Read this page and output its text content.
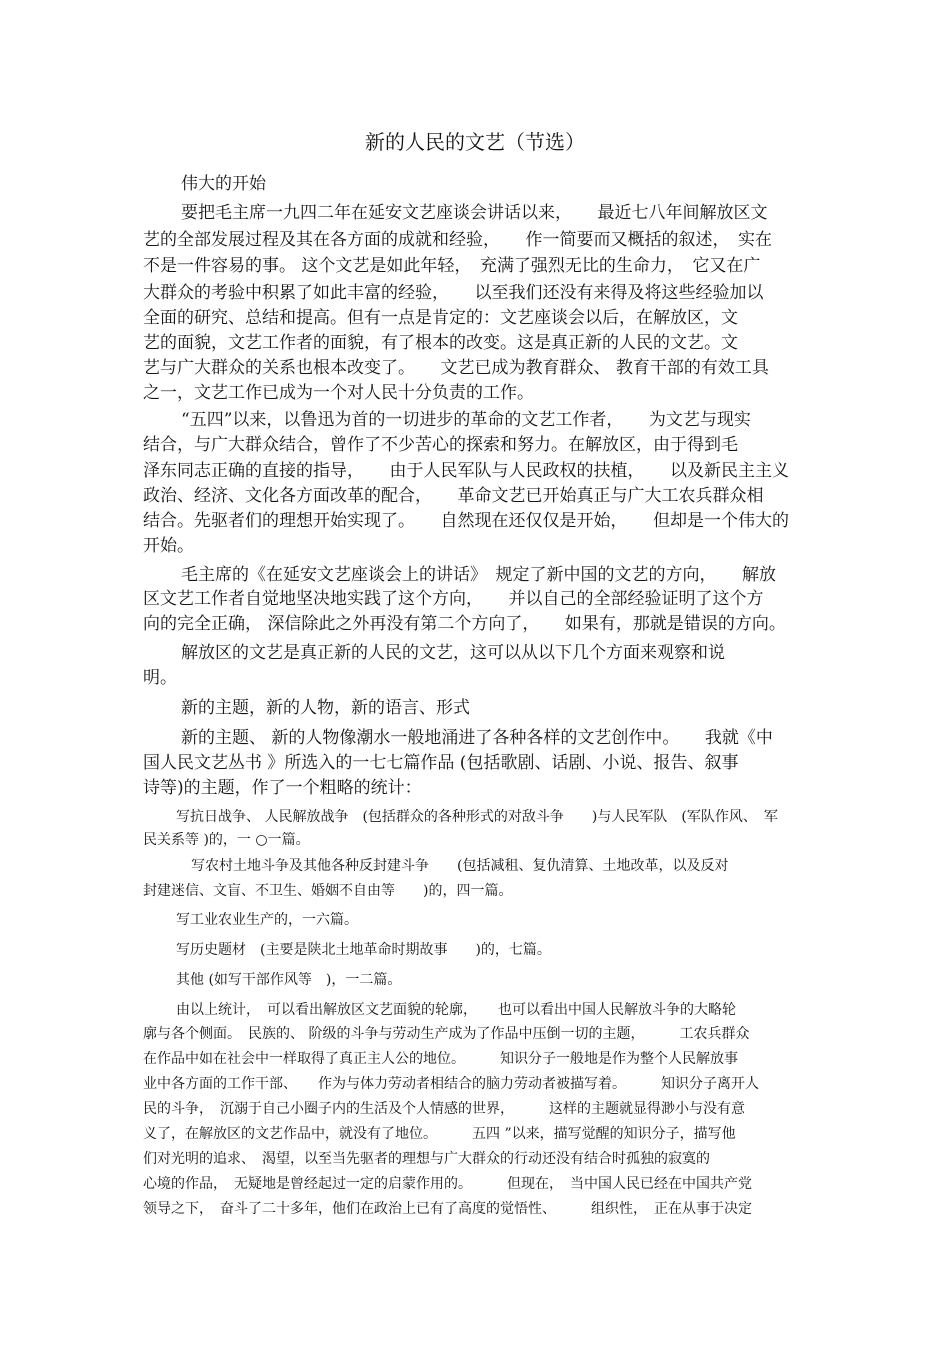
新的人民的文艺（节选）
伟大的开始
要把毛主席一九四二年在延安文艺座谈会讲话以来，　　最近七八年间解放区文
艺的全部发展过程及其在各方面的成就和经验，　　作一简要而又概括的叙述，　实在
不是一件容易的事。 这个文艺是如此年轻，　充满了强烈无比的生命力，　它又在广
大群众的考验中积累了如此丰富的经验，　　以至我们还没有来得及将这些经验加以
全面的研究、总结和提高。但有一点是肯定的：文艺座谈会以后，在解放区，文
艺的面貌，文艺工作者的面貌，有了根本的改变。这是真正新的人民的文艺。文
艺与广大群众的关系也根本改变了。　　文艺已成为教育群众、 教育干部的有效工具
之一，文艺工作已成为一个对人民十分负责的工作。
“五四”以来，以鲁迅为首的一切进步的革命的文艺工作者，　　为文艺与现实
结合，与广大群众结合，曾作了不少苦心的探索和努力。在解放区，由于得到毛
泽东同志正确的直接的指导，　　由于人民军队与人民政权的扶植，　　以及新民主主义
政治、经济、文化各方面改革的配合，　　革命文艺已开始真正与广大工农兵群众相
结合。先驱者们的理想开始实现了。　　自然现在还仅仅是开始，　　但却是一个伟大的
开始。
毛主席的《在延安文艺座谈会上的讲话》　规定了新中国的文艺的方向，　　解放
区文艺工作者自觉地坚决地实践了这个方向，　　并以自己的全部经验证明了这个方
向的完全正确， 深信除此之外再没有第二个方向了，　　如果有，那就是错误的方向。
解放区的文艺是真正新的人民的文艺，这可以从以下几个方面来观察和说
明。
新的主题，新的人物，新的语言、形式
新的主题、 新的人物像潮水一般地涌进了各种各样的文艺创作中。　　我就《中
国人民文艺丛书 》所选入的一七七篇作品 (包括歌剧、话剧、小说、报告、叙事
诗等)的主题，作了一个粗略的统计：
写抗日战争、 人民解放战争　(包括群众的各种形式的对敌斗争　　)与人民军队　(军队作风、　军
民关系等 )的，一 ○一篇。
写农村土地斗争及其他各种反封建斗争　　(包括减租、复仇清算、土地改革，以及反对
封建迷信、文盲、不卫生、婚姻不自由等　　)的，四一篇。
写工业农业生产的，一六篇。
写历史题材　(主要是陕北土地革命时期故事　　)的，七篇。
其他 (如写干部作风等　)，一二篇。
由以上统计，　可以看出解放区文艺面貌的轮廓，　　也可以看出中国人民解放斗争的大略轮
廓与各个侧面。　民族的、 阶级的斗争与劳动生产成为了作品中压倒一切的主题，　　　工农兵群众
在作品中如在社会中一样取得了真正主人公的地位。　　　知识分子一般地是作为整个人民解放事
业中各方面的工作干部、　　作为与体力劳动者相结合的脑力劳动者被描写着。　　　知识分子离开人
民的斗争，　沉溺于自己小圈子内的生活及个人情感的世界，　　　这样的主题就显得渺小与没有意
义了，在解放区的文艺作品中，就没有了地位。　　　五四 ”以来，描写觉醒的知识分子，描写他
们对光明的追求、　渴望，以至当先驱者的理想与广大群众的行动还没有结合时孤独的寂寞的
心境的作品，　无疑地是曾经起过一定的启蒙作用的。　　　但现在，　当中国人民已经在中国共产党
领导之下，　奋斗了二十多年，他们在政治上已有了高度的觉悟性、　　　组织性，　正在从事于决定
